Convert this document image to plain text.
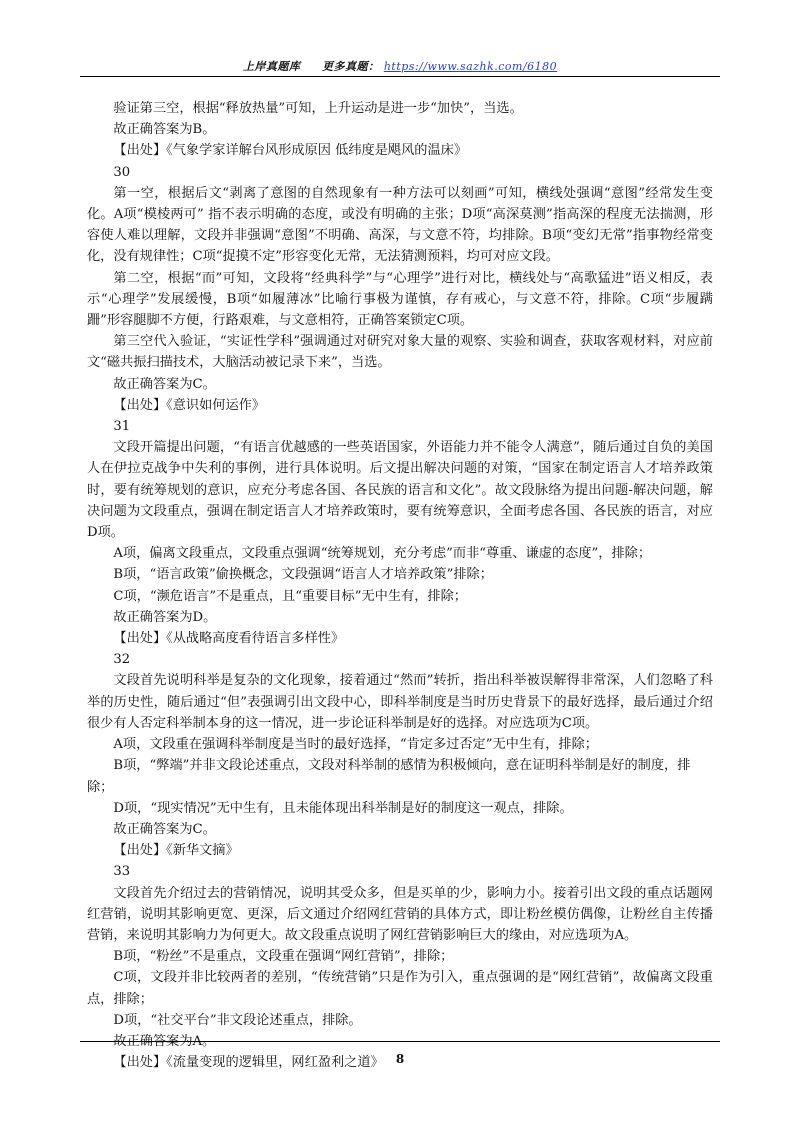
上岸真题库 更多真题： https://www.sazhk.com/6180
验证第三空，根据“释放热量”可知，上升运动是进一步“加快”，当选。
故正确答案为B。
【出处】《气象学家详解台风形成原因 低纬度是飓风的温床》
30
第一空，根据后文“剥离了意图的自然现象有一种方法可以刻画”可知，横线处强调“意图”经常发生变化。A项“模棱两可” 指不表示明确的态度，或没有明确的主张；D项“高深莫测”指高深的程度无法揣测，形容使人难以理解，文段并非强调“意图”不明确、高深，与文意不符，均排除。B项“变幻无常”指事物经常变化，没有规律性；C项“捉摸不定”形容变化无常，无法猜测预料，均可对应文段。
第二空，根据“而”可知，文段将“经典科学”与“心理学”进行对比，横线处与“高歌猛进”语义相反，表示“心理学”发展缓慢，B项“如履薄冰”比喻行事极为谨慎，存有戒心，与文意不符，排除。C项“步履蹒跚”形容腿脚不方便，行路艰难，与文意相符，正确答案锁定C项。
第三空代入验证，“实证性学科”强调通过对研究对象大量的观察、实验和调查，获取客观材料，对应前文“磁共振扫描技术，大脑活动被记录下来”，当选。
故正确答案为C。
【出处】《意识如何运作》
31
文段开篇提出问题，“有语言优越感的一些英语国家，外语能力并不能令人满意”，随后通过自负的美国人在伊拉克战争中失利的事例，进行具体说明。后文提出解决问题的对策，“国家在制定语言人才培养政策时，要有统筹规划的意识，应充分考虑各国、各民族的语言和文化”。故文段脉络为提出问题-解决问题，解决问题为文段重点，强调在制定语言人才培养政策时，要有统筹意识，全面考虑各国、各民族的语言，对应D项。
A项，偏离文段重点，文段重点强调“统筹规划，充分考虑”而非“尊重、谦虚的态度”，排除；
B项，“语言政策”偷换概念，文段强调“语言人才培养政策”排除；
C项，“濒危语言”不是重点，且“重要目标”无中生有，排除；
故正确答案为D。
【出处】《从战略高度看待语言多样性》
32
文段首先说明科举是复杂的文化现象，接着通过“然而”转折，指出科举被误解得非常深，人们忽略了科举的历史性，随后通过“但”表强调引出文段中心，即科举制度是当时历史背景下的最好选择，最后通过介绍很少有人否定科举制本身的这一情况，进一步论证科举制是好的选择。对应选项为C项。
A项，文段重在强调科举制度是当时的最好选择，“肯定多过否定”无中生有，排除；
B项，“弊端”并非文段论述重点，文段对科举制的感情为积极倾向，意在证明科举制是好的制度，排除；
D项，“现实情况”无中生有，且未能体现出科举制是好的制度这一观点，排除。
故正确答案为C。
【出处】《新华文摘》
33
文段首先介绍过去的营销情况，说明其受众多，但是买单的少，影响力小。接着引出文段的重点话题网红营销，说明其影响更宽、更深，后文通过介绍网红营销的具体方式，即让粉丝模仿偶像，让粉丝自主传播营销，来说明其影响力为何更大。故文段重点说明了网红营销影响巨大的缘由，对应选项为A。
B项，“粉丝”不是重点，文段重在强调“网红营销”，排除；
C项，文段并非比较两者的差别，“传统营销”只是作为引入，重点强调的是“网红营销”，故偏离文段重点，排除；
D项，“社交平台”非文段论述重点，排除。
故正确答案为A。
【出处】《流量变现的逻辑里，网红盈利之道》	8
